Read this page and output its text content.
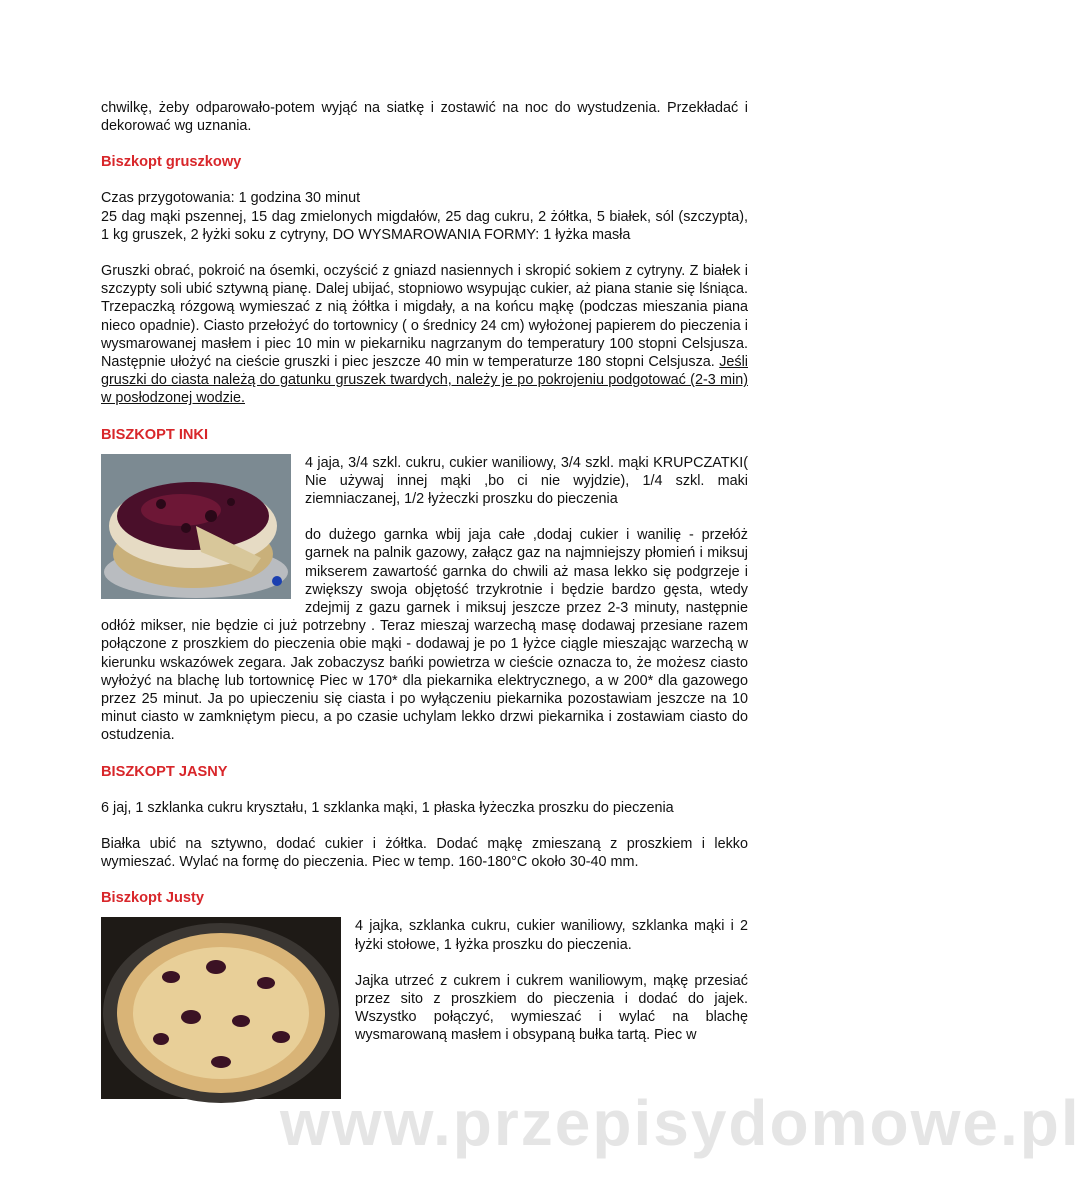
chwilkę, żeby odparowało-potem wyjąć na siatkę i zostawić na noc do wystudzenia. Przekładać i dekorować wg uznania.

Biszkopt gruszkowy

Czas przygotowania: 1 godzina 30 minut

25 dag mąki pszennej, 15 dag zmielonych migdałów, 25 dag cukru, 2 żółtka, 5 białek, sól (szczypta), 1 kg gruszek, 2 łyżki soku z cytryny, DO WYSMAROWANIA FORMY: 1 łyżka masła

Gruszki obrać, pokroić na ósemki, oczyścić z gniazd nasiennych i skropić sokiem z cytryny. Z białek i szczypty soli ubić sztywną pianę. Dalej ubijać, stopniowo wsypując cukier, aż piana stanie się lśniąca. Trzepaczką rózgową wymieszać z nią żółtka i migdały, a na końcu mąkę (podczas mieszania piana nieco opadnie). Ciasto przełożyć do tortownicy ( o średnicy 24 cm) wyłożonej papierem do pieczenia i wysmarowanej masłem i piec 10 min w piekarniku nagrzanym do temperatury 100 stopni Celsjusza. Następnie ułożyć na cieście gruszki i piec jeszcze 40 min w temperaturze 180 stopni Celsjusza. Jeśli gruszki do ciasta należą do gatunku gruszek twardych, należy je po pokrojeniu podgotować (2-3 min) w posłodzonej wodzie.

BISZKOPT INKI

4 jaja, 3/4 szkl. cukru, cukier waniliowy, 3/4 szkl. mąki KRUPCZATKI( Nie używaj innej mąki ,bo ci nie wyjdzie), 1/4 szkl. maki ziemniaczanej, 1/2 łyżeczki proszku do pieczenia

do dużego garnka wbij jaja całe ,dodaj cukier i wanilię - przełóż garnek na palnik gazowy, załącz gaz na najmniejszy płomień i miksuj mikserem zawartość garnka do chwili aż masa lekko się podgrzeje i zwiększy swoja objętość trzykrotnie i będzie bardzo gęsta, wtedy zdejmij z gazu garnek i miksuj jeszcze przez 2-3 minuty, następnie odłóż mikser, nie będzie ci już potrzebny . Teraz mieszaj warzechą masę dodawaj przesiane razem połączone z proszkiem do pieczenia obie mąki - dodawaj je po 1 łyżce ciągle mieszając warzechą w kierunku wskazówek zegara. Jak zobaczysz bańki powietrza w cieście oznacza to, że możesz ciasto wyłożyć na blachę lub tortownicę Piec w 170* dla piekarnika elektrycznego, a w 200* dla gazowego przez 25 minut. Ja po upieczeniu się ciasta i po wyłączeniu piekarnika pozostawiam jeszcze na 10 minut ciasto w zamkniętym piecu, a po czasie uchylam lekko drzwi piekarnika i zostawiam ciasto do ostudzenia.

BISZKOPT JASNY

6 jaj, 1 szklanka cukru kryształu, 1 szklanka mąki, 1 płaska łyżeczka proszku do pieczenia

Białka ubić na sztywno, dodać cukier i żółtka. Dodać mąkę zmieszaną z proszkiem i lekko wymieszać. Wylać na formę do pieczenia. Piec w temp. 160-180°C około 30-40 mm.

Biszkopt Justy

4 jajka, szklanka cukru, cukier waniliowy, szklanka mąki i 2 łyżki stołowe, 1 łyżka proszku do pieczenia.

Jajka utrzeć z cukrem i cukrem waniliowym, mąkę przesiać przez sito z proszkiem do pieczenia i dodać do jajek. Wszystko połączyć, wymieszać i wylać na blachę wysmarowaną masłem i obsypaną bułka tartą. Piec w

www.przepisydomowe.pl
